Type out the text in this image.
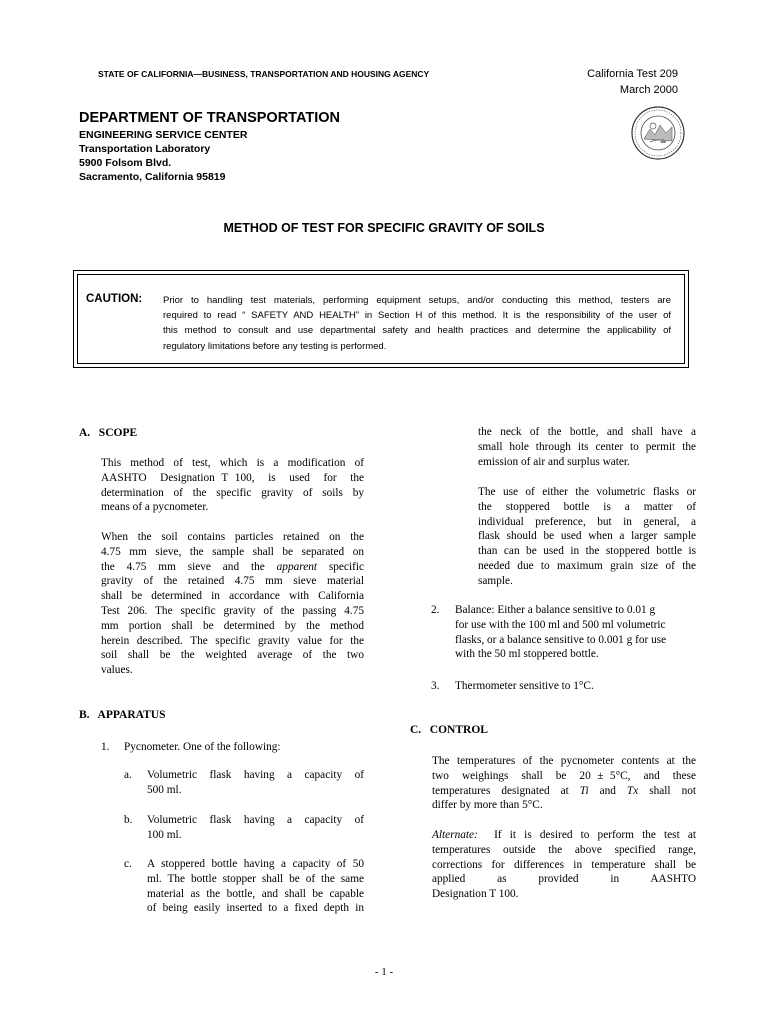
STATE OF CALIFORNIA—BUSINESS, TRANSPORTATION AND HOUSING AGENCY	California Test 209
March 2000
DEPARTMENT OF TRANSPORTATION
ENGINEERING SERVICE CENTER
Transportation Laboratory
5900 Folsom Blvd.
Sacramento, California 95819
METHOD OF TEST FOR SPECIFIC GRAVITY OF SOILS
CAUTION: Prior to handling test materials, performing equipment setups, and/or conducting this method, testers are
required to read “ SAFETY AND HEALTH” in Section H of this method. It is the responsibility of the user of
this method to consult and use departmental safety and health practices and determine the applicability of
regulatory limitations before any testing is performed.
A.   SCOPE
This method of test, which is a modification of
AASHTO  Designation T 100,  is  used  for  the
determination of the specific gravity of soils by
means of a pycnometer.
When the soil contains particles retained on the
4.75 mm sieve, the sample shall be separated on
the 4.75 mm sieve and the apparent specific
gravity of the retained 4.75 mm sieve material
shall be determined in accordance with California
Test 206. The specific gravity of the passing 4.75
mm portion shall be determined by the method
herein described. The specific gravity value for the
soil shall be the weighted average of the two
values.
B.   APPARATUS
1. Pycnometer. One of the following:
a. Volumetric flask having a capacity of
500 ml.
b. Volumetric flask having a capacity of
100 ml.
c. A stoppered bottle having a capacity of 50
ml. The bottle stopper shall be of the same
material as the bottle, and shall be capable
of being easily inserted to a fixed depth in
the neck of the bottle, and shall have a
small hole through its center to permit the
emission of air and surplus water.
The use of either the volumetric flasks or
the stoppered bottle is a matter of
individual preference, but in general, a
flask should be used when a larger sample
than can be used in the stoppered bottle is
needed due to maximum grain size of the
sample.
2. Balance: Either a balance sensitive to 0.01 g
for use with the 100 ml and 500 ml volumetric
flasks, or a balance sensitive to 0.001 g for use
with the 50 ml stoppered bottle.
3. Thermometer sensitive to 1°C.
C.   CONTROL
The temperatures of the pycnometer contents at the
two  weighings  shall  be  20 ± 5°C,  and  these
temperatures  designated  at  Ti  and  Tx  shall  not
differ by more than 5°C.
Alternate:  If it is desired to perform the test at
temperatures outside the above specified range,
corrections for differences in temperature shall be
applied        as        provided        in        AASHTO
Designation T 100.
- 1 -
